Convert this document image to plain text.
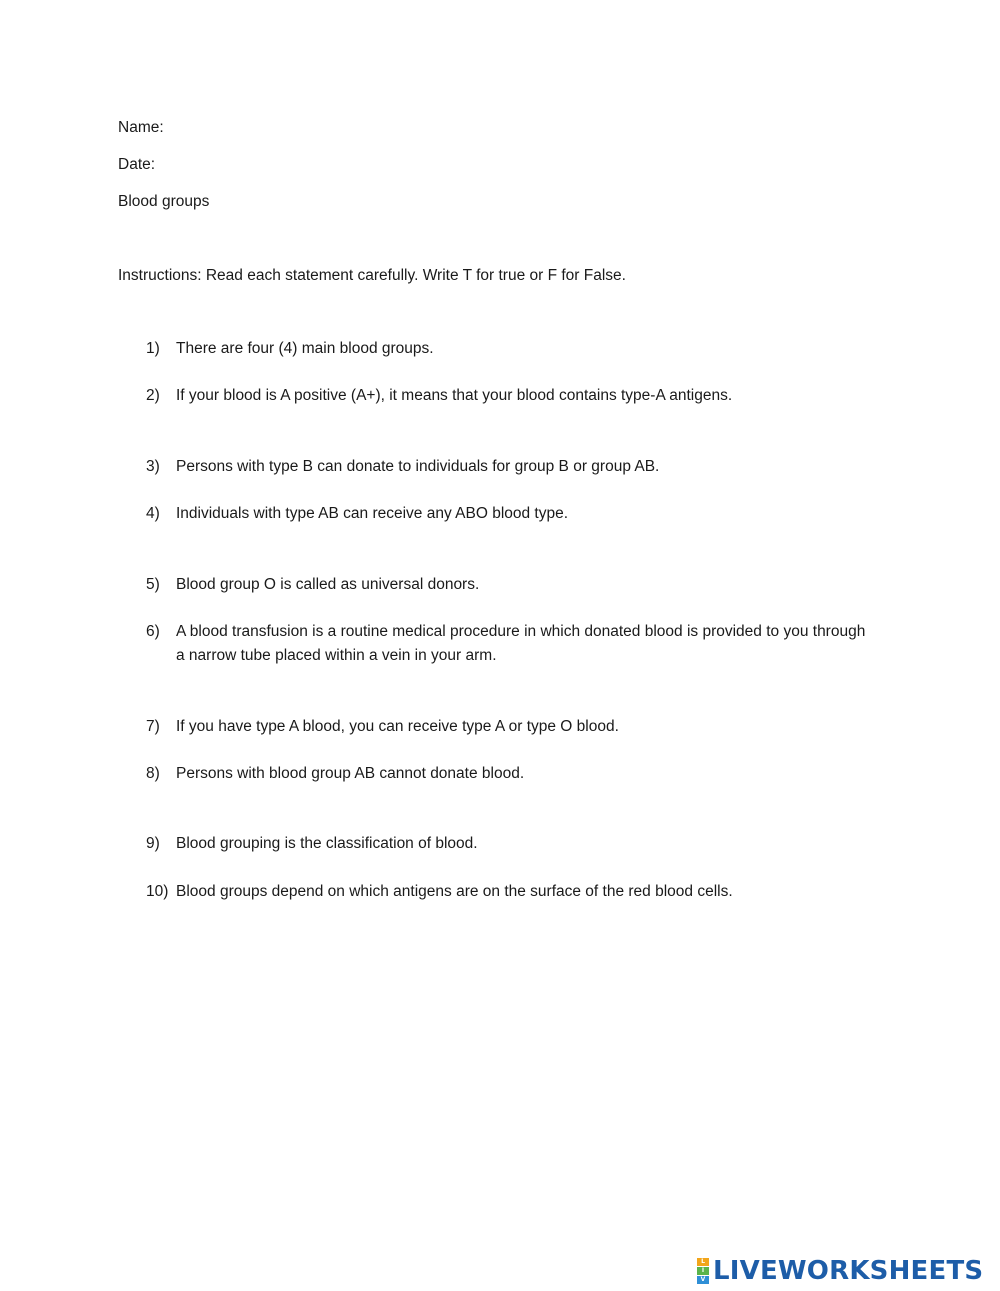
Name:
Date:
Blood groups
Instructions: Read each statement carefully. Write T for true or F for False.
1)	There are four (4) main blood groups.
2)	If your blood is A positive (A+), it means that your blood contains type-A antigens.
3)	Persons with type B can donate to individuals for group B or group AB.
4)	Individuals with type AB can receive any ABO blood type.
5)	Blood group O is called as universal donors.
6)	A blood transfusion is a routine medical procedure in which donated blood is provided to you through a narrow tube placed within a vein in your arm.
7)	If you have type A blood, you can receive type A or type O blood.
8)	Persons with blood group AB cannot donate blood.
9)	Blood grouping is the classification of blood.
10) Blood groups depend on which antigens are on the surface of the red blood cells.
L
I
V LIVEWORKSHEETS
